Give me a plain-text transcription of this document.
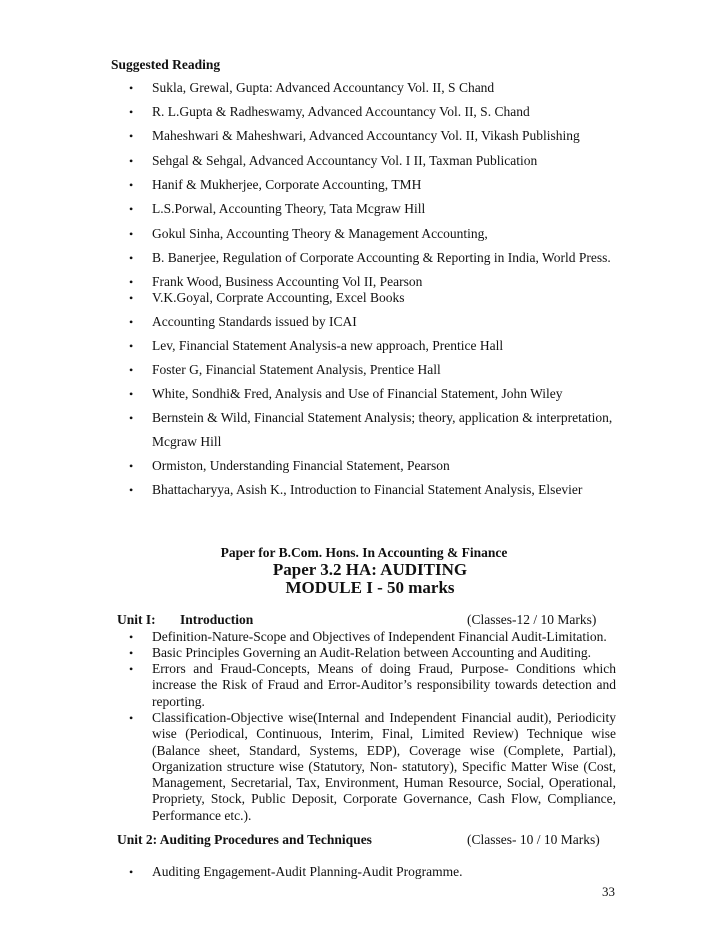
Suggested Reading
• Sukla, Grewal, Gupta: Advanced Accountancy Vol. II, S Chand
• R. L.Gupta & Radheswamy, Advanced Accountancy Vol. II, S. Chand
• Maheshwari & Maheshwari, Advanced Accountancy Vol. II, Vikash Publishing
• Sehgal & Sehgal, Advanced Accountancy Vol. I II, Taxman Publication
• Hanif & Mukherjee, Corporate Accounting, TMH
• L.S.Porwal, Accounting Theory, Tata Mcgraw Hill
• Gokul Sinha, Accounting Theory & Management Accounting,
• B. Banerjee, Regulation of Corporate Accounting & Reporting in India, World Press.
• Frank Wood, Business Accounting Vol II, Pearson
• V.K.Goyal, Corprate Accounting, Excel Books
• Accounting Standards issued by ICAI
• Lev, Financial Statement Analysis-a new approach, Prentice Hall
• Foster G, Financial Statement Analysis, Prentice Hall
• White, Sondhi& Fred, Analysis and Use of Financial Statement, John Wiley
• Bernstein & Wild, Financial Statement Analysis; theory, application & interpretation,
Mcgraw Hill
• Ormiston, Understanding Financial Statement, Pearson
• Bhattacharyya, Asish K., Introduction to Financial Statement Analysis, Elsevier
Paper for B.Com. Hons. In Accounting & Finance
Paper 3.2 HA: AUDITING
MODULE I - 50 marks
Unit I: Introduction	(Classes-12 / 10 Marks)
• Definition-Nature-Scope and Objectives of Independent Financial Audit-Limitation.
• Basic Principles Governing an Audit-Relation between Accounting and Auditing.
• Errors and Fraud-Concepts, Means of doing Fraud, Purpose- Conditions which increase the Risk of Fraud and Error-Auditor’s responsibility towards detection and reporting.
• Classification-Objective wise(Internal and Independent Financial audit), Periodicity wise (Periodical, Continuous, Interim, Final, Limited Review) Technique wise (Balance sheet, Standard, Systems, EDP), Coverage wise (Complete, Partial), Organization structure wise (Statutory, Non- statutory), Specific Matter Wise (Cost, Management, Secretarial, Tax, Environment, Human Resource, Social, Operational, Propriety, Stock, Public Deposit, Corporate Governance, Cash Flow, Compliance, Performance etc.).
Unit 2: Auditing Procedures and Techniques	(Classes- 10 / 10 Marks)
• Auditing Engagement-Audit Planning-Audit Programme.
33
